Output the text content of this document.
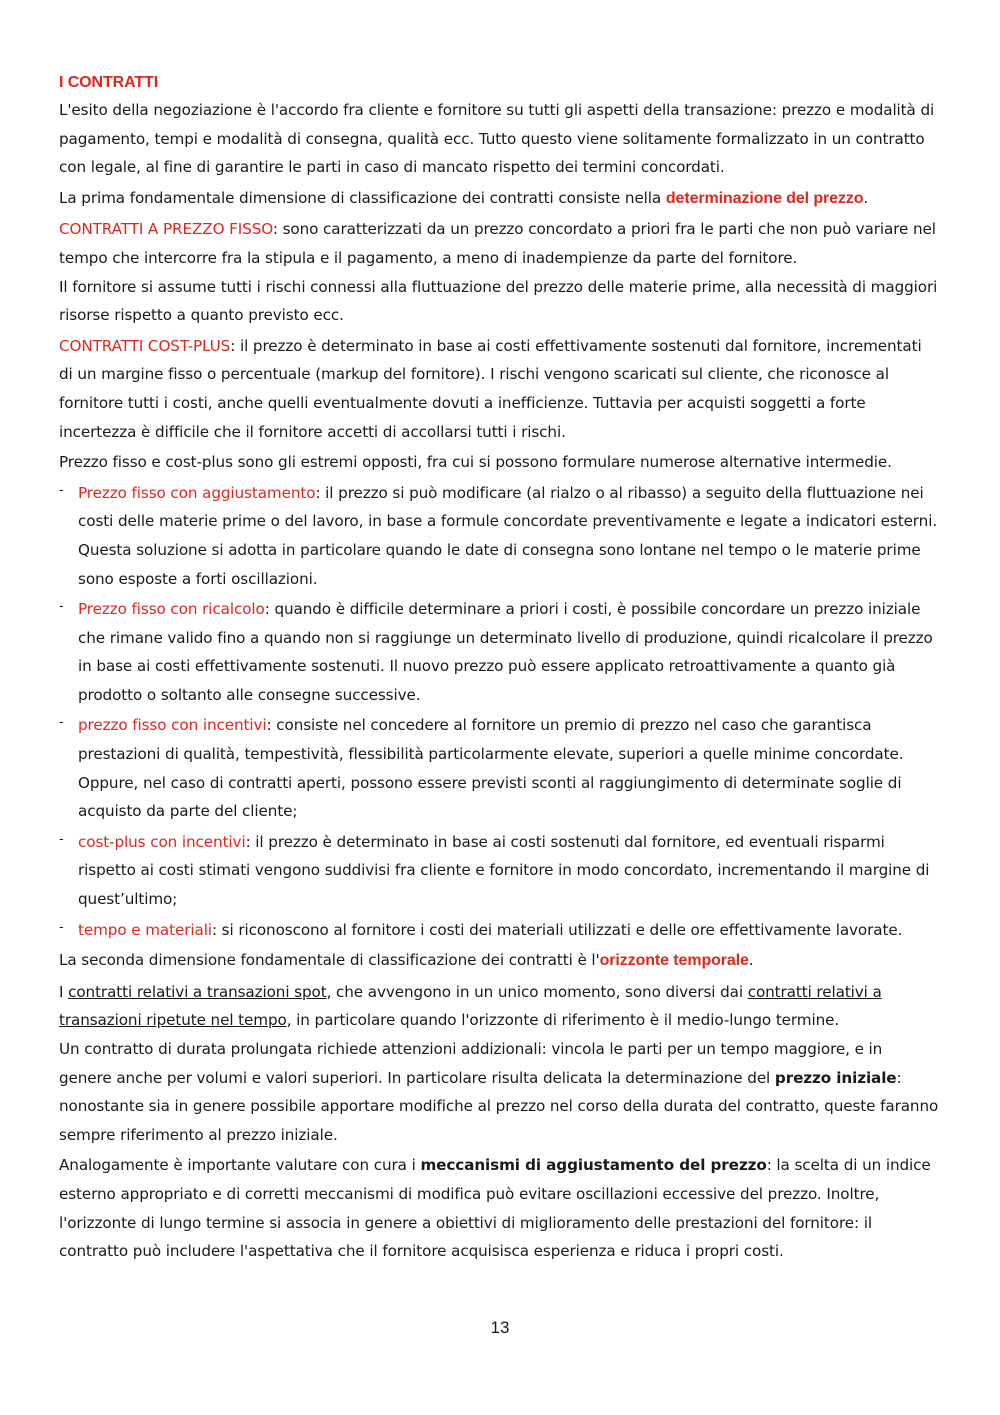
I CONTRATTI

L'esito della negoziazione è l'accordo fra cliente e fornitore su tutti gli aspetti della transazione: prezzo e modalità di pagamento, tempi e modalità di consegna, qualità ecc. Tutto questo viene solitamente formalizzato in un contratto con legale, al fine di garantire le parti in caso di mancato rispetto dei termini concordati.

La prima fondamentale dimensione di classificazione dei contratti consiste nella determinazione del prezzo.

CONTRATTI A PREZZO FISSO: sono caratterizzati da un prezzo concordato a priori fra le parti che non può variare nel tempo che intercorre fra la stipula e il pagamento, a meno di inadempienze da parte del fornitore.
Il fornitore si assume tutti i rischi connessi alla fluttuazione del prezzo delle materie prime, alla necessità di maggiori risorse rispetto a quanto previsto ecc.

CONTRATTI COST-PLUS: il prezzo è determinato in base ai costi effettivamente sostenuti dal fornitore, incrementati di un margine fisso o percentuale (markup del fornitore). I rischi vengono scaricati sul cliente, che riconosce al fornitore tutti i costi, anche quelli eventualmente dovuti a inefficienze. Tuttavia per acquisti soggetti a forte incertezza è difficile che il fornitore accetti di accollarsi tutti i rischi.

Prezzo fisso e cost-plus sono gli estremi opposti, fra cui si possono formulare numerose alternative intermedie.

- Prezzo fisso con aggiustamento: il prezzo si può modificare (al rialzo o al ribasso) a seguito della fluttuazione nei costi delle materie prime o del lavoro, in base a formule concordate preventivamente e legate a indicatori esterni. Questa soluzione si adotta in particolare quando le date di consegna sono lontane nel tempo o le materie prime sono esposte a forti oscillazioni.
- Prezzo fisso con ricalcolo: quando è difficile determinare a priori i costi, è possibile concordare un prezzo iniziale che rimane valido fino a quando non si raggiunge un determinato livello di produzione, quindi ricalcolare il prezzo in base ai costi effettivamente sostenuti. Il nuovo prezzo può essere applicato retroattivamente a quanto già prodotto o soltanto alle consegne successive.
- prezzo fisso con incentivi: consiste nel concedere al fornitore un premio di prezzo nel caso che garantisca prestazioni di qualità, tempestività, flessibilità particolarmente elevate, superiori a quelle minime concordate. Oppure, nel caso di contratti aperti, possono essere previsti sconti al raggiungimento di determinate soglie di acquisto da parte del cliente;
- cost-plus con incentivi: il prezzo è determinato in base ai costi sostenuti dal fornitore, ed eventuali risparmi rispetto ai costi stimati vengono suddivisi fra cliente e fornitore in modo concordato, incrementando il margine di quest’ultimo;
- tempo e materiali: si riconoscono al fornitore i costi dei materiali utilizzati e delle ore effettivamente lavorate.

La seconda dimensione fondamentale di classificazione dei contratti è l'orizzonte temporale.

I contratti relativi a transazioni spot, che avvengono in un unico momento, sono diversi dai contratti relativi a transazioni ripetute nel tempo, in particolare quando l'orizzonte di riferimento è il medio-lungo termine.
Un contratto di durata prolungata richiede attenzioni addizionali: vincola le parti per un tempo maggiore, e in genere anche per volumi e valori superiori. In particolare risulta delicata la determinazione del prezzo iniziale: nonostante sia in genere possibile apportare modifiche al prezzo nel corso della durata del contratto, queste faranno sempre riferimento al prezzo iniziale.

Analogamente è importante valutare con cura i meccanismi di aggiustamento del prezzo: la scelta di un indice esterno appropriato e di corretti meccanismi di modifica può evitare oscillazioni eccessive del prezzo. Inoltre, l'orizzonte di lungo termine si associa in genere a obiettivi di miglioramento delle prestazioni del fornitore: il contratto può includere l'aspettativa che il fornitore acquisisca esperienza e riduca i propri costi.

13
